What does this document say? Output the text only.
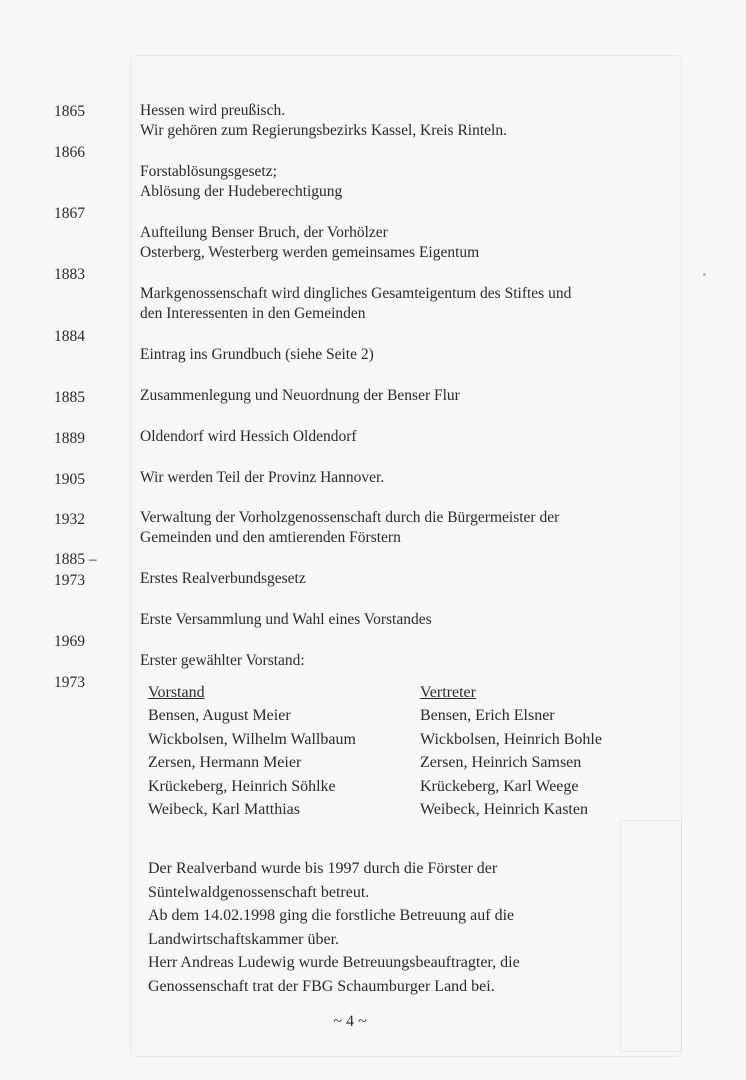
1865
1866
1867
1883
1884
1885
1889
1905
1932
1885 –
1973
1969
1973
Hessen wird preußisch.
Wir gehören zum Regierungsbezirks Kassel, Kreis Rinteln.
Forstablösungsgesetz;
Ablösung der Hudeberechtigung
Aufteilung Benser Bruch, der Vorhölzer
Osterberg, Westerberg werden gemeinsames Eigentum
Markgenossenschaft wird dingliches Gesamteigentum des Stiftes und
den Interessenten in den Gemeinden
Eintrag ins Grundbuch (siehe Seite 2)
Zusammenlegung und Neuordnung der Benser Flur
Oldendorf wird Hessich Oldendorf
Wir werden Teil der Provinz Hannover.
Verwaltung der Vorholzgenossenschaft durch die Bürgermeister der
Gemeinden und den amtierenden Förstern
Erstes Realverbundsgesetz
Erste Versammlung und Wahl eines Vorstandes
Erster gewählter Vorstand:
Vorstand	Vertreter
Bensen, August Meier
Wickbolsen, Wilhelm Wallbaum
Zersen, Hermann Meier
Krückeberg, Heinrich Söhlke
Weibeck, Karl Matthias
Bensen, Erich Elsner
Wickbolsen, Heinrich Bohle
Zersen, Heinrich Samsen
Krückeberg, Karl Weege
Weibeck, Heinrich Kasten
Der Realverband wurde bis 1997 durch die Förster der
Süntelwaldgenossenschaft betreut.
Ab dem 14.02.1998 ging die forstliche Betreuung auf die
Landwirtschaftskammer über.
Herr Andreas Ludewig wurde Betreuungsbeauftragter, die
Genossenschaft trat der FBG Schaumburger Land bei.
~ 4 ~
